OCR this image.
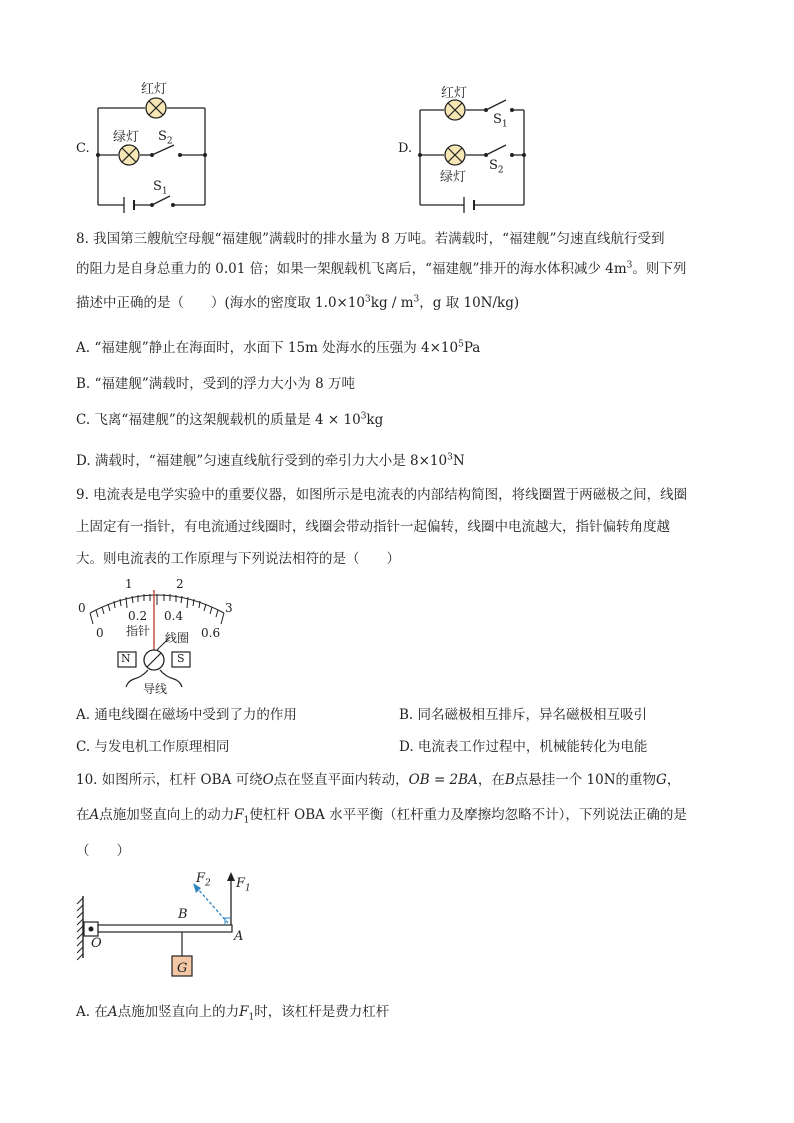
C.
红灯
绿灯 $S_2$
$S_1$
D.
红灯
$S_1$
绿灯
$S_2$
8. 我国第三艘航空母舰“福建舰”满载时的排水量为 8 万吨。若满载时，“福建舰”匀速直线航行受到
的阻力是自身总重力的 0.01 倍；如果一架舰载机飞离后，“福建舰”排开的海水体积减少 $4m^3$。则下列
描述中正确的是（　　）(海水的密度取 $1.0\times 10^3kg / m^3$，g 取 10N/kg)
A. “福建舰”静止在海面时，水面下 15m 处海水的压强为 $4\times 10^5Pa$
B. “福建舰”满载时，受到的浮力大小为 8 万吨
C. 飞离“福建舰”的这架舰载机的质量是 $4 \times 10^3kg$
D. 满载时，“福建舰”匀速直线航行受到的牵引力大小是 $8\times 10^3N$
9. 电流表是电学实验中的重要仪器，如图所示是电流表的内部结构简图，将线圈置于两磁极之间，线圈
上固定有一指针，有电流通过线圈时，线圈会带动指针一起偏转，线圈中电流越大，指针偏转角度越
大。则电流表的工作原理与下列说法相符的是（　　）
0
1	2
3
0
0.2 0.4
0.6
指针 线圈
N	S
导线
A. 通电线圈在磁场中受到了力的作用	B. 同名磁极相互排斥，异名磁极相互吸引
C. 与发电机工作原理相同	D. 电流表工作过程中，机械能转化为电能
10. 如图所示，杠杆 OBA 可绕O点在竖直平面内转动，OB = 2BA，在B点悬挂一个 10N的重物G，
在A点施加竖直向上的动力$F_1$使杠杆 OBA 水平平衡（杠杆重力及摩擦均忽略不计），下列说法正确的是
（　　）
$F_2$ $F_1$
B
O	A
G
A. 在A点施加竖直向上的力$F_1$时，该杠杆是费力杠杆
